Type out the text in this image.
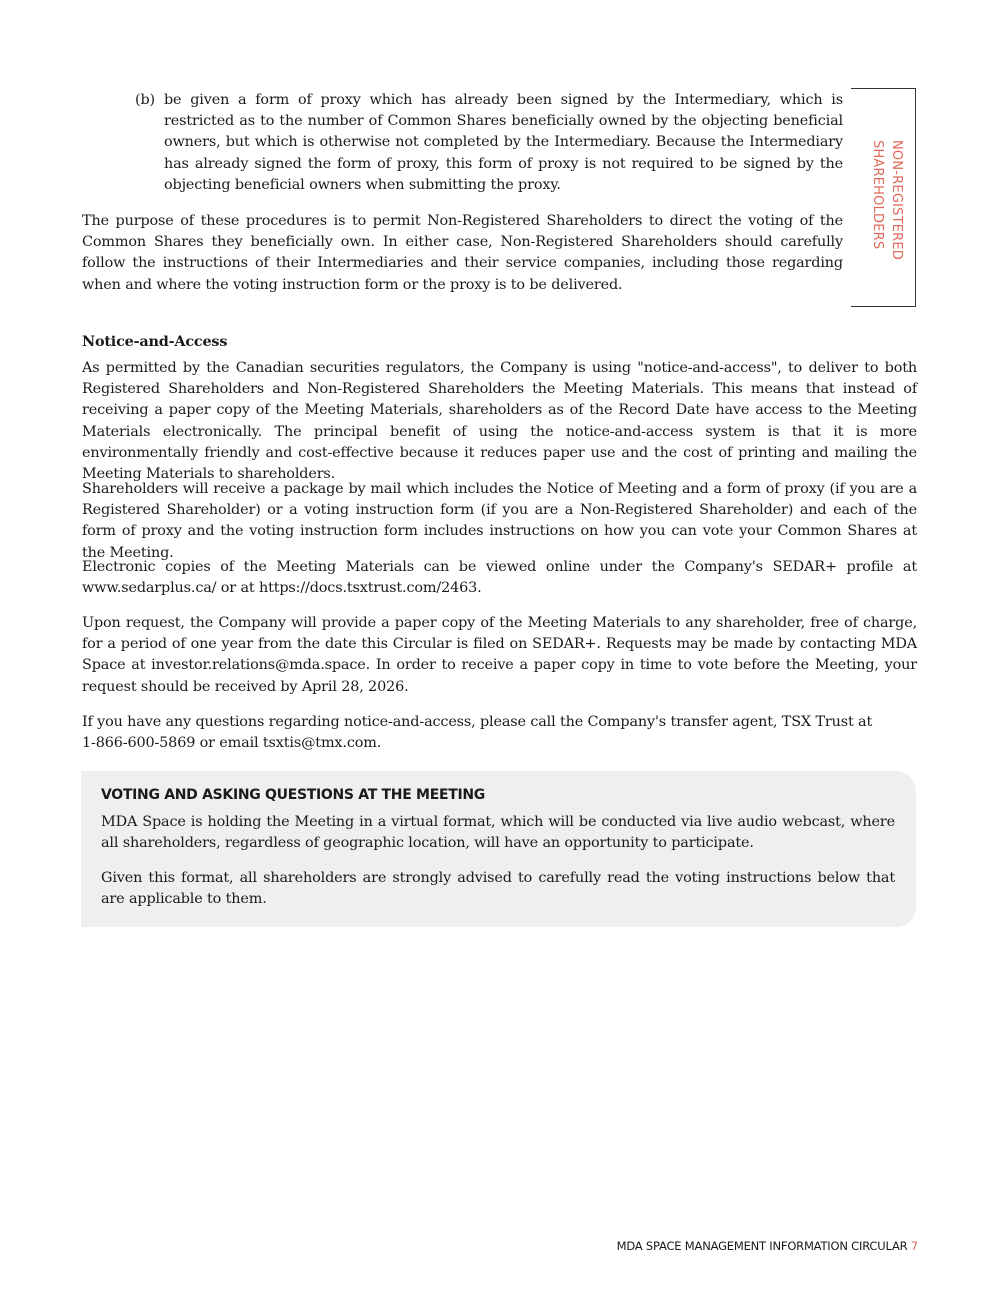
(b) be given a form of proxy which has already been signed by the Intermediary, which is restricted as to the number of Common Shares beneficially owned by the objecting beneficial owners, but which is otherwise not completed by the Intermediary. Because the Intermediary has already signed the form of proxy, this form of proxy is not required to be signed by the objecting beneficial owners when submitting the proxy.

The purpose of these procedures is to permit Non-Registered Shareholders to direct the voting of the Common Shares they beneficially own. In either case, Non-Registered Shareholders should carefully follow the instructions of their Intermediaries and their service companies, including those regarding when and where the voting instruction form or the proxy is to be delivered.

NON-REGISTERED
SHAREHOLDERS
Notice-and-Access

As permitted by the Canadian securities regulators, the Company is using "notice-and-access", to deliver to both Registered Shareholders and Non-Registered Shareholders the Meeting Materials. This means that instead of receiving a paper copy of the Meeting Materials, shareholders as of the Record Date have access to the Meeting Materials electronically. The principal benefit of using the notice-and-access system is that it is more environmentally friendly and cost-effective because it reduces paper use and the cost of printing and mailing the Meeting Materials to shareholders.

Shareholders will receive a package by mail which includes the Notice of Meeting and a form of proxy (if you are a Registered Shareholder) or a voting instruction form (if you are a Non-Registered Shareholder) and each of the form of proxy and the voting instruction form includes instructions on how you can vote your Common Shares at the Meeting.

Electronic copies of the Meeting Materials can be viewed online under the Company's SEDAR+ profile at www.sedarplus.ca/ or at https://docs.tsxtrust.com/2463.

Upon request, the Company will provide a paper copy of the Meeting Materials to any shareholder, free of charge, for a period of one year from the date this Circular is filed on SEDAR+. Requests may be made by contacting MDA Space at investor.relations@mda.space. In order to receive a paper copy in time to vote before the Meeting, your request should be received by April 28, 2026.

If you have any questions regarding notice-and-access, please call the Company's transfer agent, TSX Trust at
1-866-600-5869 or email tsxtis@tmx.com.

VOTING AND ASKING QUESTIONS AT THE MEETING

MDA Space is holding the Meeting in a virtual format, which will be conducted via live audio webcast, where all shareholders, regardless of geographic location, will have an opportunity to participate.

Given this format, all shareholders are strongly advised to carefully read the voting instructions below that are applicable to them.

MDA SPACE MANAGEMENT INFORMATION CIRCULAR 7
